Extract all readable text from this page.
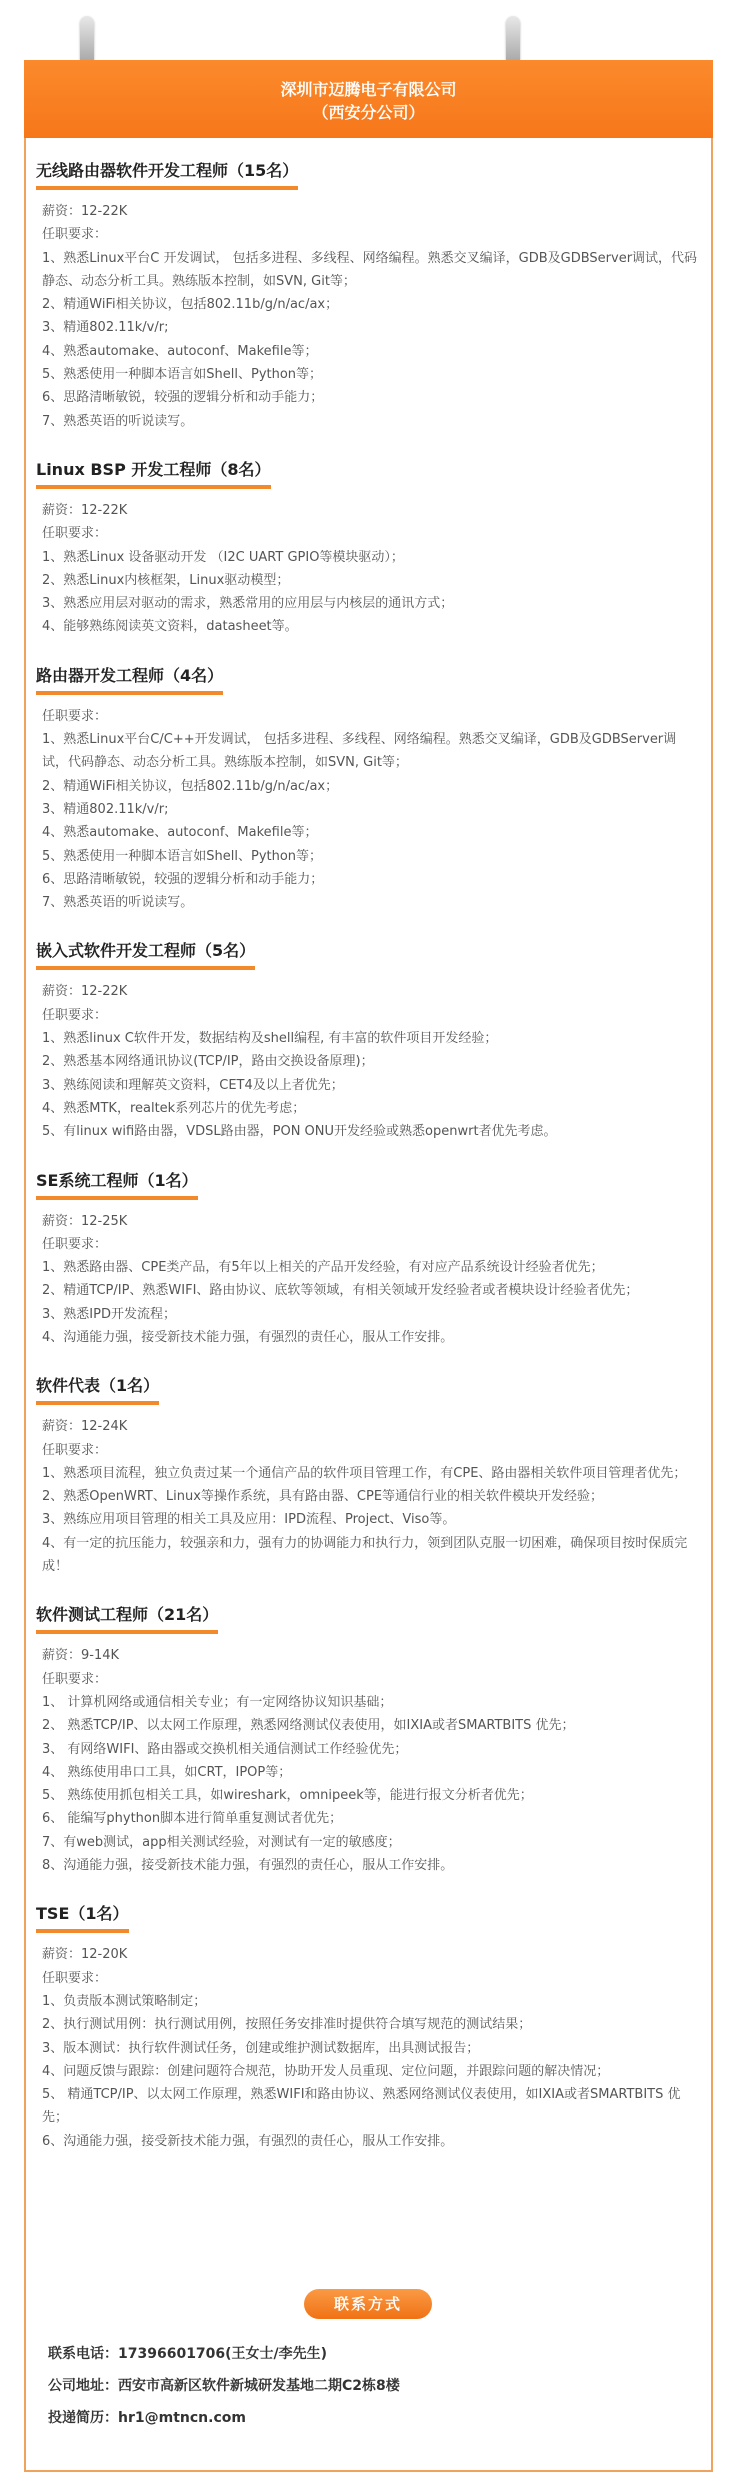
深圳市迈腾电子有限公司
（西安分公司）
无线路由器软件开发工程师（15名）
薪资：12-22K
任职要求：
1、熟悉Linux平台C 开发调试， 包括多进程、多线程、网络编程。熟悉交叉编译，GDB及GDBServer调试，代码静态、动态分析工具。熟练版本控制，如SVN, Git等；
2、精通WiFi相关协议，包括802.11b/g/n/ac/ax；
3、精通802.11k/v/r;
4、熟悉automake、autoconf、Makefile等；
5、熟悉使用一种脚本语言如Shell、Python等；
6、思路清晰敏锐，较强的逻辑分析和动手能力；
7、熟悉英语的听说读写。
Linux BSP 开发工程师（8名）
薪资：12-22K
任职要求：
1、熟悉Linux 设备驱动开发 （I2C UART GPIO等模块驱动）；
2、熟悉Linux内核框架，Linux驱动模型；
3、熟悉应用层对驱动的需求，熟悉常用的应用层与内核层的通讯方式；
4、能够熟练阅读英文资料，datasheet等。
路由器开发工程师（4名）
任职要求：
1、熟悉Linux平台C/C++开发调试， 包括多进程、多线程、网络编程。熟悉交叉编译，GDB及GDBServer调试，代码静态、动态分析工具。熟练版本控制，如SVN, Git等；
2、精通WiFi相关协议，包括802.11b/g/n/ac/ax；
3、精通802.11k/v/r;
4、熟悉automake、autoconf、Makefile等；
5、熟悉使用一种脚本语言如Shell、Python等；
6、思路清晰敏锐，较强的逻辑分析和动手能力；
7、熟悉英语的听说读写。
嵌入式软件开发工程师（5名）
薪资：12-22K
任职要求：
1、熟悉linux C软件开发，数据结构及shell编程, 有丰富的软件项目开发经验；
2、熟悉基本网络通讯协议(TCP/IP，路由交换设备原理)；
3、熟练阅读和理解英文资料，CET4及以上者优先；
4、熟悉MTK，realtek系列芯片的优先考虑；
5、有linux wifi路由器，VDSL路由器，PON ONU开发经验或熟悉openwrt者优先考虑。
SE系统工程师（1名）
薪资：12-25K
任职要求：
1、熟悉路由器、CPE类产品，有5年以上相关的产品开发经验，有对应产品系统设计经验者优先；
2、精通TCP/IP、熟悉WIFI、路由协议、底软等领域，有相关领域开发经验者或者模块设计经验者优先；
3、熟悉IPD开发流程；
4、沟通能力强，接受新技术能力强，有强烈的责任心，服从工作安排。
软件代表（1名）
薪资：12-24K
任职要求：
1、熟悉项目流程，独立负责过某一个通信产品的软件项目管理工作，有CPE、路由器相关软件项目管理者优先；
2、熟悉OpenWRT、Linux等操作系统，具有路由器、CPE等通信行业的相关软件模块开发经验；
3、熟练应用项目管理的相关工具及应用：IPD流程、Project、Viso等。
4、有一定的抗压能力，较强亲和力，强有力的协调能力和执行力，领到团队克服一切困难，确保项目按时保质完成！
软件测试工程师（21名）
薪资：9-14K
任职要求：
1、 计算机网络或通信相关专业；有一定网络协议知识基础；
2、 熟悉TCP/IP、以太网工作原理，熟悉网络测试仪表使用，如IXIA或者SMARTBITS 优先；
3、 有网络WIFI、路由器或交换机相关通信测试工作经验优先；
4、 熟练使用串口工具，如CRT，IPOP等；
5、 熟练使用抓包相关工具，如wireshark，omnipeek等，能进行报文分析者优先；
6、 能编写phython脚本进行简单重复测试者优先；
7、有web测试，app相关测试经验，对测试有一定的敏感度；
8、沟通能力强，接受新技术能力强，有强烈的责任心，服从工作安排。
TSE（1名）
薪资：12-20K
任职要求：
1、负责版本测试策略制定；
2、执行测试用例：执行测试用例，按照任务安排准时提供符合填写规范的测试结果；
3、版本测试：执行软件测试任务，创建或维护测试数据库，出具测试报告；
4、问题反馈与跟踪：创建问题符合规范，协助开发人员重现、定位问题，并跟踪问题的解决情况；
5、 精通TCP/IP、以太网工作原理，熟悉WIFI和路由协议、熟悉网络测试仪表使用，如IXIA或者SMARTBITS 优先；
6、沟通能力强，接受新技术能力强，有强烈的责任心，服从工作安排。
联系方式
联系电话：17396601706(王女士/李先生)
公司地址：西安市高新区软件新城研发基地二期C2栋8楼
投递简历：hr1@mtncn.com
